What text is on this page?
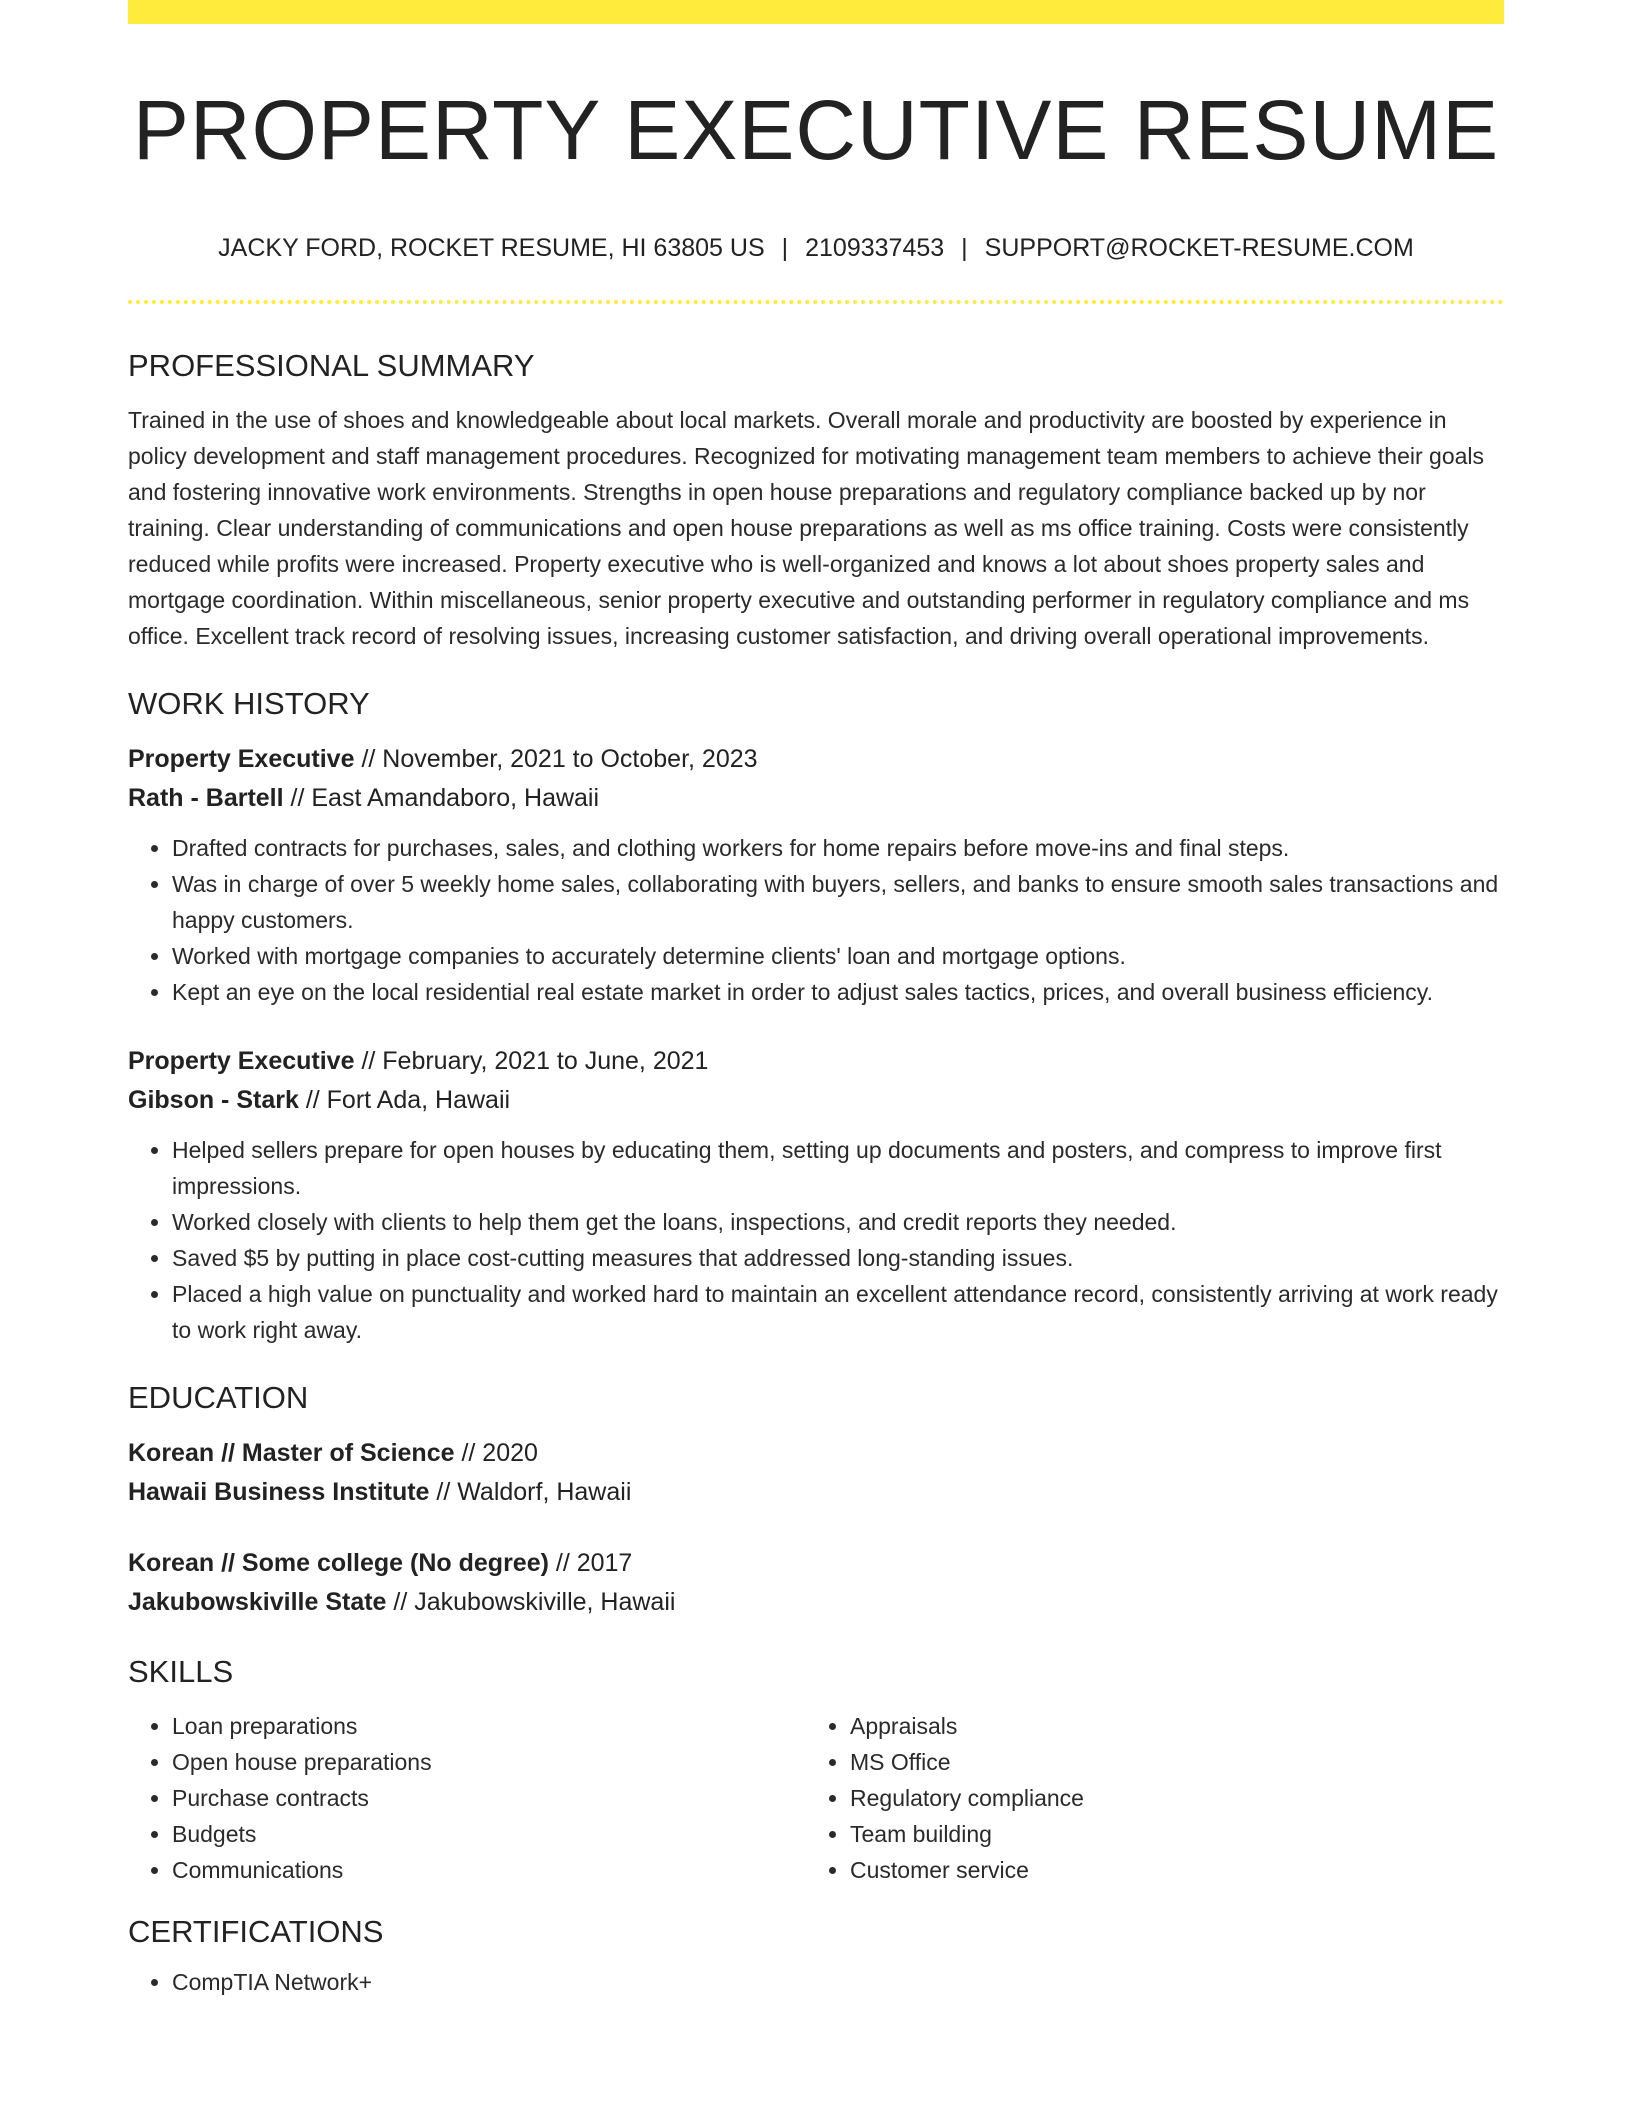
PROPERTY EXECUTIVE RESUME
JACKY FORD, ROCKET RESUME, HI 63805 US | 2109337453 | SUPPORT@ROCKET-RESUME.COM
PROFESSIONAL SUMMARY

Trained in the use of shoes and knowledgeable about local markets. Overall morale and productivity are boosted by experience in policy development and staff management procedures. Recognized for motivating management team members to achieve their goals and fostering innovative work environments. Strengths in open house preparations and regulatory compliance backed up by nor training. Clear understanding of communications and open house preparations as well as ms office training. Costs were consistently reduced while profits were increased. Property executive who is well-organized and knows a lot about shoes property sales and mortgage coordination. Within miscellaneous, senior property executive and outstanding performer in regulatory compliance and ms office. Excellent track record of resolving issues, increasing customer satisfaction, and driving overall operational improvements.

WORK HISTORY
Property Executive // November, 2021 to October, 2023
Rath - Bartell // East Amandaboro, Hawaii
• Drafted contracts for purchases, sales, and clothing workers for home repairs before move-ins and final steps.
• Was in charge of over 5 weekly home sales, collaborating with buyers, sellers, and banks to ensure smooth sales transactions and happy customers.
• Worked with mortgage companies to accurately determine clients' loan and mortgage options.
• Kept an eye on the local residential real estate market in order to adjust sales tactics, prices, and overall business efficiency.
Property Executive // February, 2021 to June, 2021
Gibson - Stark // Fort Ada, Hawaii
• Helped sellers prepare for open houses by educating them, setting up documents and posters, and compress to improve first impressions.
• Worked closely with clients to help them get the loans, inspections, and credit reports they needed.
• Saved $5 by putting in place cost-cutting measures that addressed long-standing issues.
• Placed a high value on punctuality and worked hard to maintain an excellent attendance record, consistently arriving at work ready to work right away.
EDUCATION
Korean // Master of Science // 2020
Hawaii Business Institute // Waldorf, Hawaii
Korean // Some college (No degree) // 2017
Jakubowskiville State // Jakubowskiville, Hawaii
SKILLS
• Loan preparations
• Open house preparations
• Purchase contracts
• Budgets
• Communications
• Appraisals
• MS Office
• Regulatory compliance
• Team building
• Customer service
CERTIFICATIONS
• CompTIA Network+
